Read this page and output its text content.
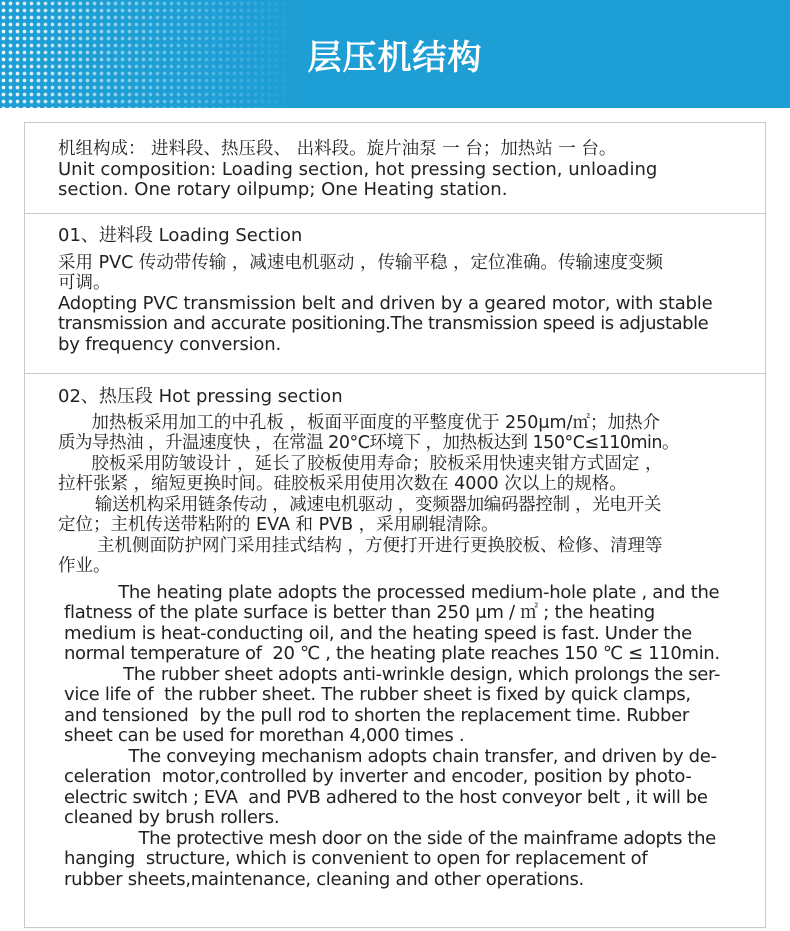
层压机结构
机组构成： 进料段、热压段、 出料段。旋片油泵 一 台；加热站 一 台。
Unit composition: Loading section, hot pressing section, unloading
section. One rotary oilpump; One Heating station.
01、进料段 Loading Section
采用 PVC 传动带传输 ，减速电机驱动 ，传输平稳 ，定位准确。传输速度变频
可调。
Adopting PVC transmission belt and driven by a geared motor, with stable
transmission and accurate positioning.The transmission speed is adjustable
by frequency conversion.
02、热压段 Hot pressing section
加热板采用加工的中孔板 ，板面平面度的平整度优于 250μm/㎡；加热介
质为导热油 ，升温速度快 ，在常温 20°C环境下 ，加热板达到 150°C≤110min。
胶板采用防皱设计 ，延长了胶板使用寿命；胶板采用快速夹钳方式固定 ，
拉杆张紧 ，缩短更换时间。硅胶板采用使用次数在 4000 次以上的规格。
输送机构采用链条传动 ，减速电机驱动 ，变频器加编码器控制 ，光电开关
定位；主机传送带粘附的 EVA 和 PVB ，采用刷辊清除。
主机侧面防护网门采用挂式结构 ，方便打开进行更换胶板、检修、清理等
作业。
The heating plate adopts the processed medium-hole plate , and the
flatness of the plate surface is better than 250 μm / ㎡ ; the heating
medium is heat-conducting oil, and the heating speed is fast. Under the
normal temperature of  20 ℃ , the heating plate reaches 150 ℃ ≤ 110min.
The rubber sheet adopts anti-wrinkle design, which prolongs the ser-
vice life of  the rubber sheet. The rubber sheet is fixed by quick clamps,
and tensioned  by the pull rod to shorten the replacement time. Rubber
sheet can be used for morethan 4,000 times .
The conveying mechanism adopts chain transfer, and driven by de-
celeration  motor,controlled by inverter and encoder, position by photo-
electric switch ; EVA  and PVB adhered to the host conveyor belt , it will be
cleaned by brush rollers.
The protective mesh door on the side of the mainframe adopts the
hanging  structure, which is convenient to open for replacement of
rubber sheets,maintenance, cleaning and other operations.
